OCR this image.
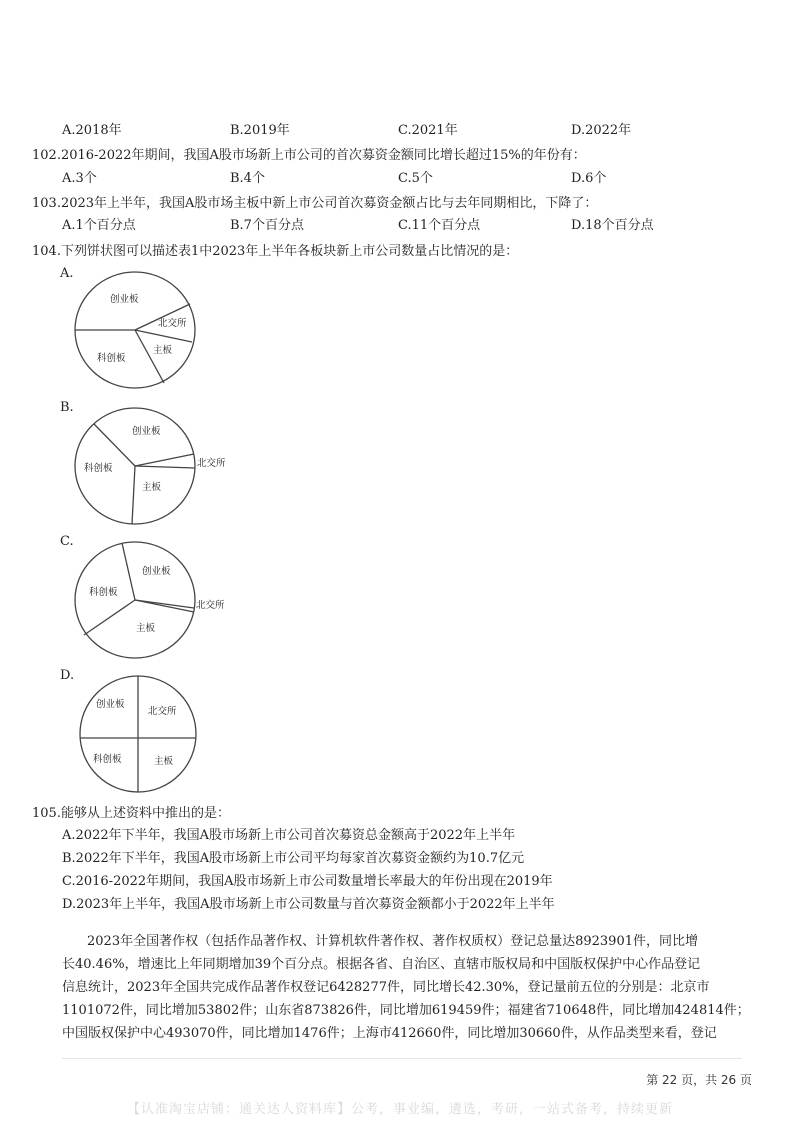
A.2018年	B.2019年	C.2021年	D.2022年
102.2016-2022年期间，我国A股市场新上市公司的首次募资金额同比增长超过15%的年份有：
A.3个	B.4个	C.5个	D.6个
103.2023年上半年，我国A股市场主板中新上市公司首次募资金额占比与去年同期相比，下降了：
A.1个百分点	B.7个百分点	C.11个百分点	D.18个百分点
104.下列饼状图可以描述表1中2023年上半年各板块新上市公司数量占比情况的是：
A.
创业板
北交所
主板
科创板
B.
创业板
北交所
主板
科创板
C.
创业板
北交所
主板
科创板
D.
创业板
北交所
主板
科创板
105.能够从上述资料中推出的是：
A.2022年下半年，我国A股市场新上市公司首次募资总金额高于2022年上半年
B.2022年下半年，我国A股市场新上市公司平均每家首次募资金额约为10.7亿元
C.2016-2022年期间，我国A股市场新上市公司数量增长率最大的年份出现在2019年
D.2023年上半年，我国A股市场新上市公司数量与首次募资金额都小于2022年上半年
2023年全国著作权（包括作品著作权、计算机软件著作权、著作权质权）登记总量达8923901件，同比增
长40.46%，增速比上年同期增加39个百分点。根据各省、自治区、直辖市版权局和中国版权保护中心作品登记
信息统计，2023年全国共完成作品著作权登记6428277件，同比增长42.30%，登记量前五位的分别是：北京市
1101072件，同比增加53802件；山东省873826件，同比增加619459件；福建省710648件，同比增加424814件；
中国版权保护中心493070件，同比增加1476件；上海市412660件，同比增加30660件，从作品类型来看，登记
第 22 页，共 26 页
【认准淘宝店铺：通关达人资料库】公考，事业编，遴选，考研，一站式备考，持续更新
